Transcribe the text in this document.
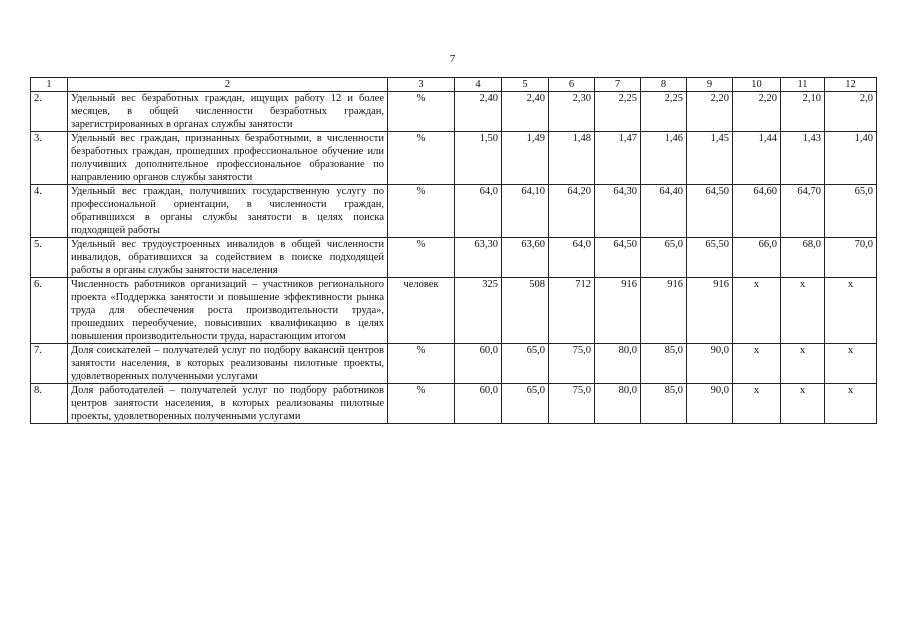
7
1	2	3	4	5	6	7	8	9	10	11	12
2.	Удельный вес безработных граждан, ищущих работу 12 и более месяцев, в общей численности безработных граждан, зарегистрированных в органах службы занятости	%	2,40	2,40	2,30	2,25	2,25	2,20	2,20	2,10	2,0
3.	Удельный вес граждан, признанных безработными, в численности безработных граждан, прошедших профессиональное обучение или получивших дополнительное профессиональное образование по направлению органов службы занятости	%	1,50	1,49	1,48	1,47	1,46	1,45	1,44	1,43	1,40
4.	Удельный вес граждан, получивших государственную услугу по профессиональной ориентации, в численности граждан, обратившихся в органы службы занятости в целях поиска подходящей работы	%	64,0	64,10	64,20	64,30	64,40	64,50	64,60	64,70	65,0
5.	Удельный вес трудоустроенных инвалидов в общей численности инвалидов, обратившихся за содействием в поиске подходящей работы в органы службы занятости населения	%	63,30	63,60	64,0	64,50	65,0	65,50	66,0	68,0	70,0
6.	Численность работников организаций – участников регионального проекта «Поддержка занятости и повышение эффективности рынка труда для обеспечения роста производительности труда», прошедших переобучение, повысивших квалификацию в целях повышения производительности труда, нарастающим итогом	человек	325	508	712	916	916	916	х	х	х
7.	Доля соискателей – получателей услуг по подбору вакансий центров занятости населения, в которых реализованы пилотные проекты, удовлетворенных полученными услугами	%	60,0	65,0	75,0	80,0	85,0	90,0	х	х	х
8.	Доля работодателей – получателей услуг по подбору работников центров занятости населения, в которых реализованы пилотные проекты, удовлетворенных полученными услугами	%	60,0	65,0	75,0	80,0	85,0	90,0	х	х	х
